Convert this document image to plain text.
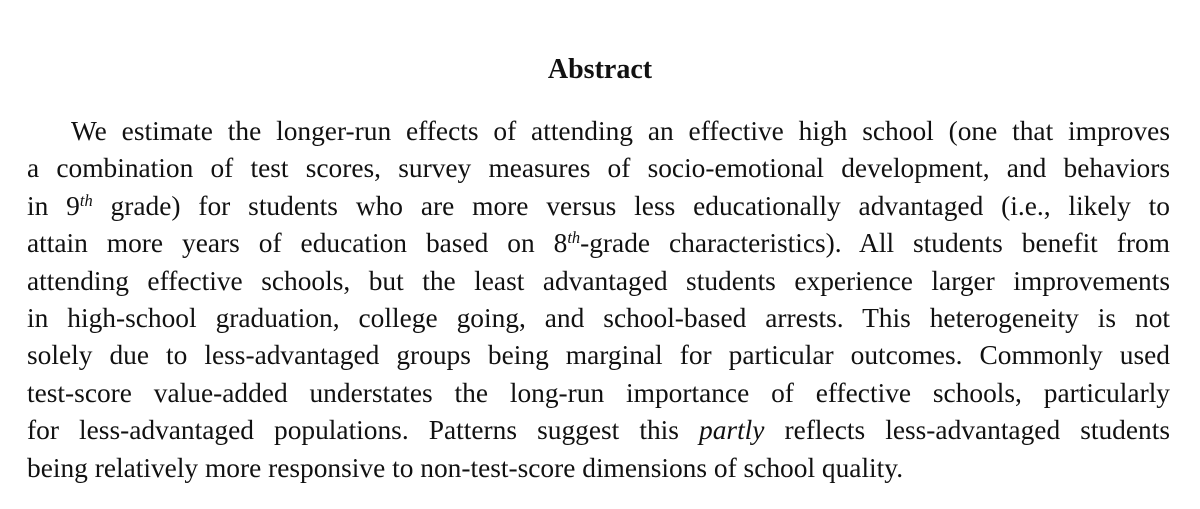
Abstract
We estimate the longer-run effects of attending an effective high school (one that improves
a combination of test scores, survey measures of socio-emotional development, and behaviors
in 9th grade) for students who are more versus less educationally advantaged (i.e., likely to
attain more years of education based on 8th-grade characteristics). All students benefit from
attending effective schools, but the least advantaged students experience larger improvements
in high-school graduation, college going, and school-based arrests. This heterogeneity is not
solely due to less-advantaged groups being marginal for particular outcomes. Commonly used
test-score value-added understates the long-run importance of effective schools, particularly
for less-advantaged populations. Patterns suggest this partly reflects less-advantaged students
being relatively more responsive to non-test-score dimensions of school quality.
